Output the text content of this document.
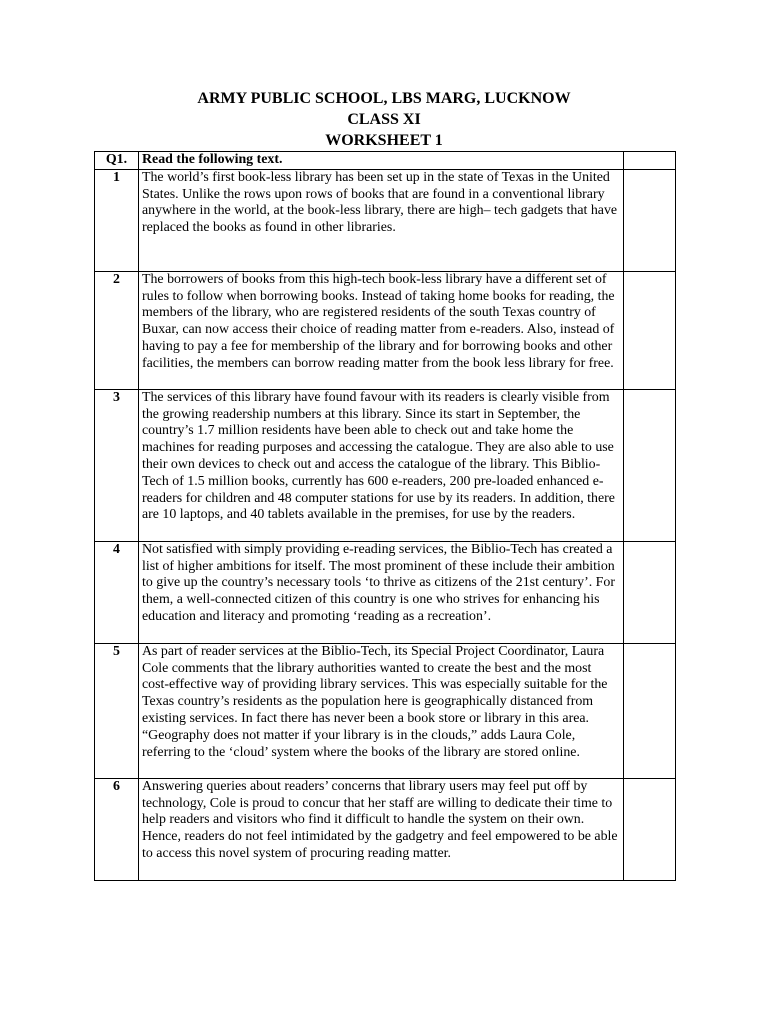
ARMY PUBLIC SCHOOL, LBS MARG, LUCKNOW
CLASS XI
WORKSHEET 1
Q1.	Read the following text.	
1	The world’s first book-less library has been set up in the state of Texas in the United States. Unlike the rows upon rows of books that are found in a conventional library anywhere in the world, at the book-less library, there are high– tech gadgets that have replaced the books as found in other libraries.	
2	The borrowers of books from this high-tech book-less library have a different set of rules to follow when borrowing books. Instead of taking home books for reading, the members of the library, who are registered residents of the south Texas country of Buxar, can now access their choice of reading matter from e-readers. Also, instead of having to pay a fee for membership of the library and for borrowing books and other facilities, the members can borrow reading matter from the book less library for free.	
3	The services of this library have found favour with its readers is clearly visible from the growing readership numbers at this library. Since its start in September, the country’s 1.7 million residents have been able to check out and take home the machines for reading purposes and accessing the catalogue. They are also able to use their own devices to check out and access the catalogue of the library. This Biblio-Tech of 1.5 million books, currently has 600 e-readers, 200 pre-loaded enhanced e-readers for children and 48 computer stations for use by its readers. In addition, there are 10 laptops, and 40 tablets available in the premises, for use by the readers.	
4	Not satisfied with simply providing e-reading services, the Biblio-Tech has created a list of higher ambitions for itself. The most prominent of these include their ambition to give up the country’s necessary tools ‘to thrive as citizens of the 21st century’. For them, a well-connected citizen of this country is one who strives for enhancing his education and literacy and promoting ‘reading as a recreation’.	
5	As part of reader services at the Biblio-Tech, its Special Project Coordinator, Laura Cole comments that the library authorities wanted to create the best and the most cost-effective way of providing library services. This was especially suitable for the Texas country’s residents as the population here is geographically distanced from existing services. In fact there has never been a book store or library in this area. “Geography does not matter if your library is in the clouds,” adds Laura Cole, referring to the ‘cloud’ system where the books of the library are stored online.	
6	Answering queries about readers’ concerns that library users may feel put off by technology, Cole is proud to concur that her staff are willing to dedicate their time to help readers and visitors who find it difficult to handle the system on their own. Hence, readers do not feel intimidated by the gadgetry and feel empowered to be able to access this novel system of procuring reading matter.	
